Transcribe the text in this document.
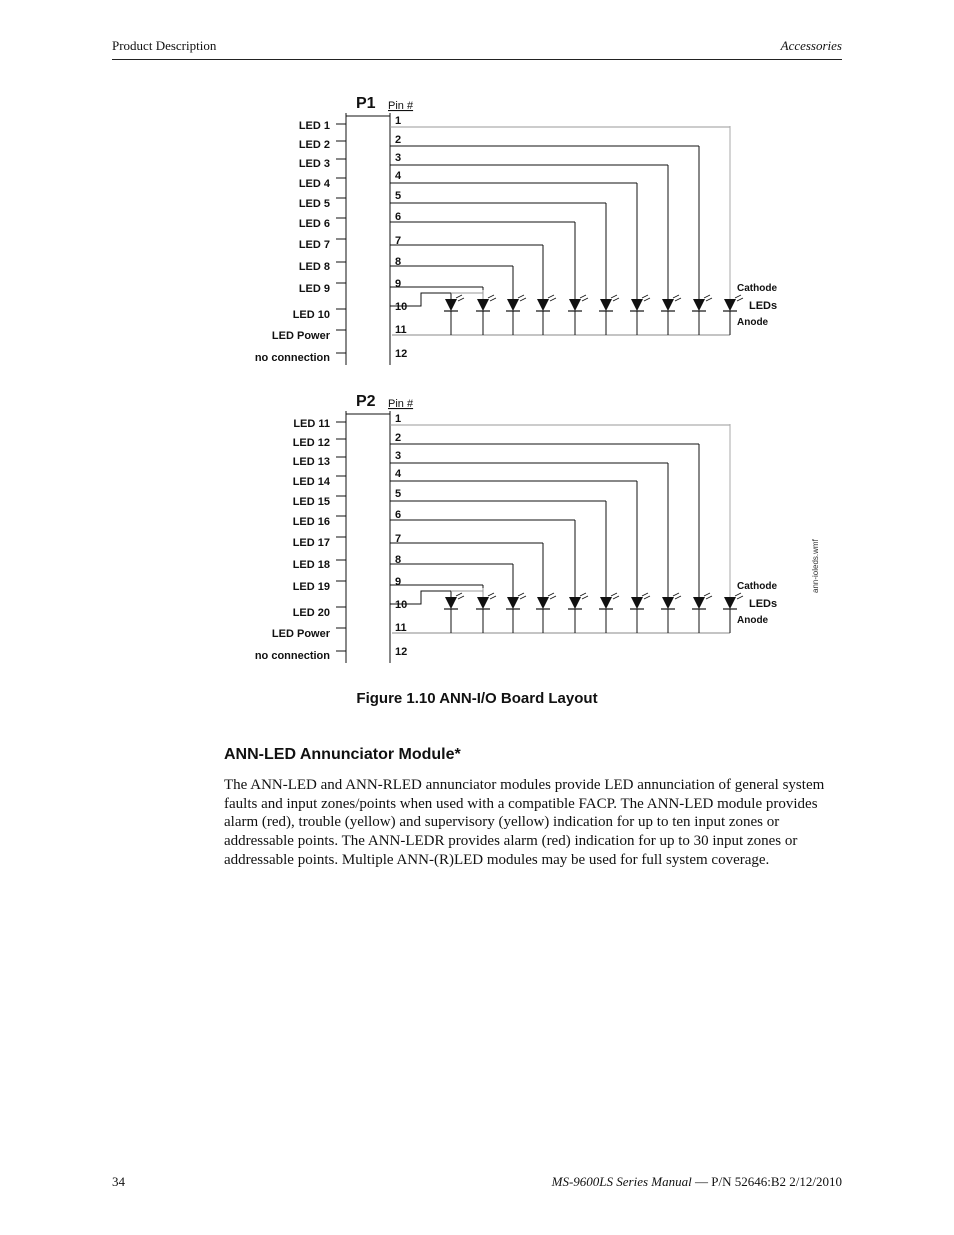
Product Description	Accessories
P1 Pin #
1
LED 1
2
LED 2
3
LED 3
4
LED 4
5
LED 5
6
LED 6
7
LED 7
8
LED 8
9
LED 9
10
LED 10
11
LED Power
12
no connection
Cathode
LEDs
Anode
P2 Pin #
1
LED 11
2
LED 12
3
LED 13
4
LED 14
5
LED 15
6
LED 16
7
LED 17
8
LED 18
9
LED 19
10
LED 20
11
LED Power
12
no connection
Cathode
LEDs
Anode
ann-ioleds.wmf
Figure 1.10 ANN-I/O Board Layout
ANN-LED Annunciator Module*

The ANN-LED and ANN-RLED annunciator modules provide LED annunciation of general system faults and input zones/points when used with a compatible FACP. The ANN-LED module provides alarm (red), trouble (yellow) and supervisory (yellow) indication for up to ten input zones or addressable points. The ANN-LEDR provides alarm (red) indication for up to 30 input zones or addressable points. Multiple ANN-(R)LED modules may be used for full system coverage.

34	MS-9600LS Series Manual — P/N 52646:B2 2/12/2010
